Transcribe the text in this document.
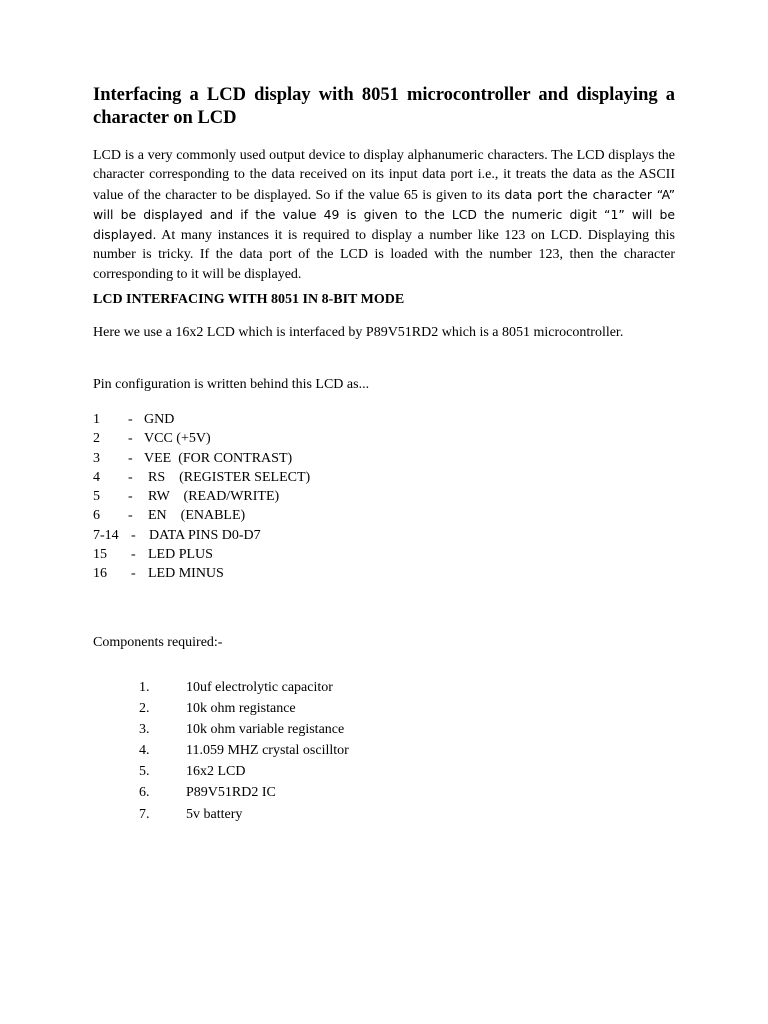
Interfacing a LCD display with 8051 microcontroller and displaying a character on LCD

LCD is a very commonly used output device to display alphanumeric characters. The LCD displays the character corresponding to the data received on its input data port i.e., it treats the data as the ASCII value of the character to be displayed. So if the value 65 is given to its data port the character “A” will be displayed and if the value 49 is given to the LCD the numeric digit “1” will be displayed. At many instances it is required to display a number like 123 on LCD. Displaying this number is tricky. If the data port of the LCD is loaded with the number 123, then the character corresponding to it will be displayed.

LCD INTERFACING WITH 8051 IN 8-BIT MODE

Here we use a 16x2 LCD which is interfaced by P89V51RD2 which is a 8051 microcontroller.

Pin configuration is written behind this LCD as...

1 - GND
2 - VCC (+5V)
3 - VEE  (FOR CONTRAST)
4 - RS    (REGISTER SELECT)
5 - RW    (READ/WRITE)
6 - EN    (ENABLE)
7-14 - DATA PINS D0-D7
15 - LED PLUS
16 - LED MINUS

Components required:-

1.	10uf electrolytic capacitor
2.	10k ohm registance
3.	10k ohm variable registance
4.	11.059 MHZ crystal oscilltor
5.	16x2 LCD
6.	P89V51RD2 IC
7.	5v battery
